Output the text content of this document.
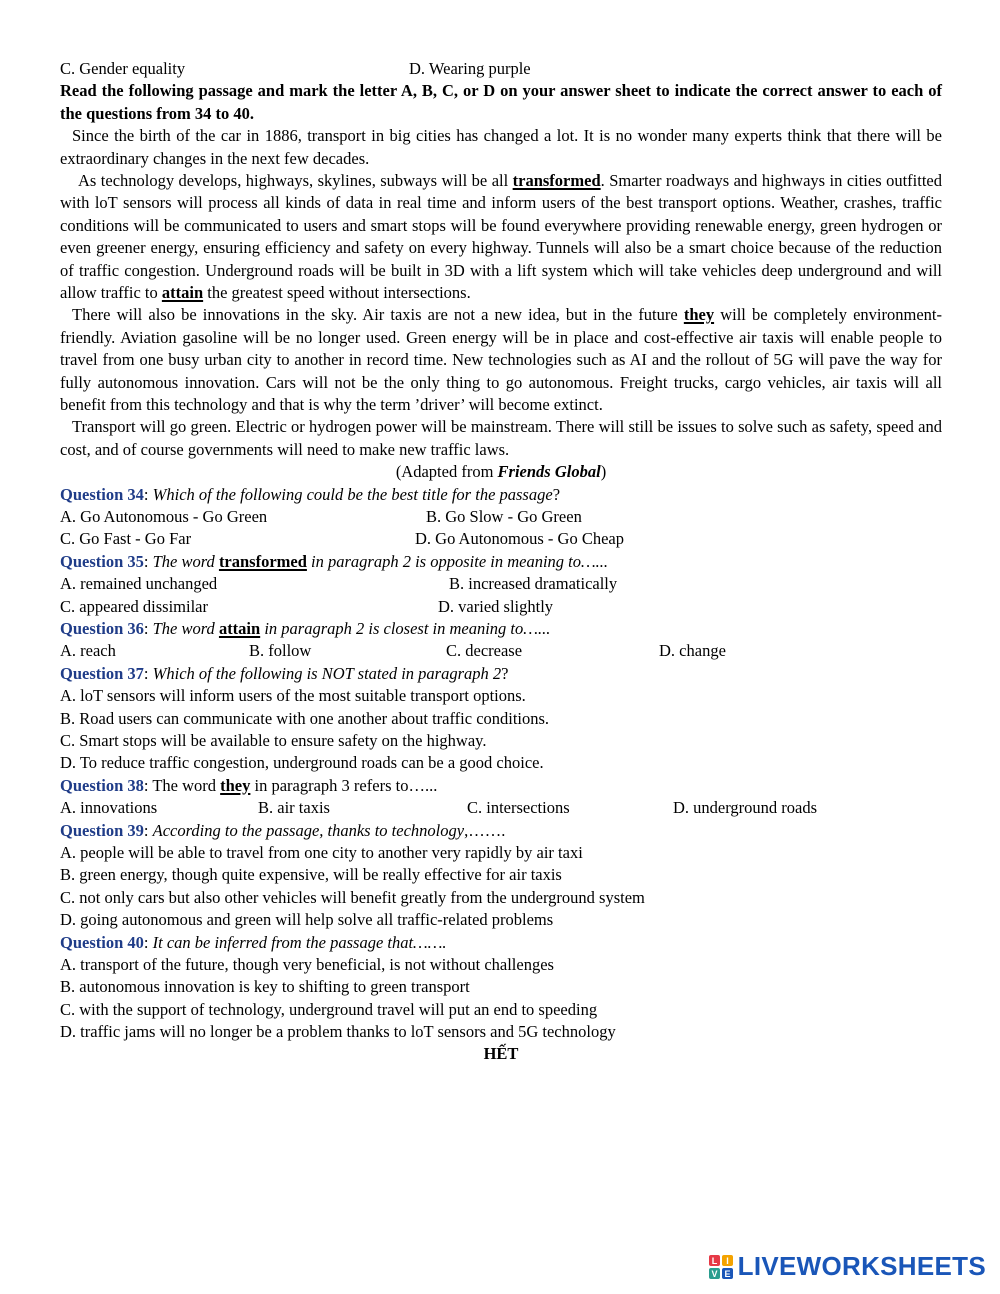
C. Gender equality	D. Wearing purple
Read the following passage and mark the letter A, B, C, or D on your answer sheet to indicate the correct answer to each of the questions from 34 to 40.
Since the birth of the car in 1886, transport in big cities has changed a lot. It is no wonder many experts think that there will be extraordinary changes in the next few decades.
As technology develops, highways, skylines, subways will be all transformed. Smarter roadways and highways in cities outfitted with loT sensors will process all kinds of data in real time and inform users of the best transport options. Weather, crashes, traffic conditions will be communicated to users and smart stops will be found everywhere providing renewable energy, green hydrogen or even greener energy, ensuring efficiency and safety on every highway. Tunnels will also be a smart choice because of the reduction of traffic congestion. Underground roads will be built in 3D with a lift system which will take vehicles deep underground and will allow traffic to attain the greatest speed without intersections.
There will also be innovations in the sky. Air taxis are not a new idea, but in the future they will be completely environment-friendly. Aviation gasoline will be no longer used. Green energy will be in place and cost-effective air taxis will enable people to travel from one busy urban city to another in record time. New technologies such as AI and the rollout of 5G will pave the way for fully autonomous innovation. Cars will not be the only thing to go autonomous. Freight trucks, cargo vehicles, air taxis will all benefit from this technology and that is why the term ’driver’ will become extinct.
Transport will go green. Electric or hydrogen power will be mainstream. There will still be issues to solve such as safety, speed and cost, and of course governments will need to make new traffic laws.
(Adapted from Friends Global)
Question 34: Which of the following could be the best title for the passage?
A. Go Autonomous - Go Green	B. Go Slow - Go Green
C. Go Fast - Go Far	D. Go Autonomous - Go Cheap
Question 35: The word transformed in paragraph 2 is opposite in meaning to…...
A. remained unchanged	B. increased dramatically
C. appeared dissimilar	D. varied slightly
Question 36: The word attain in paragraph 2 is closest in meaning to…...
A. reach	B. follow	C. decrease	D. change
Question 37: Which of the following is NOT stated in paragraph 2?
A. loT sensors will inform users of the most suitable transport options.
B. Road users can communicate with one another about traffic conditions.
C. Smart stops will be available to ensure safety on the highway.
D. To reduce traffic congestion, underground roads can be a good choice.
Question 38: The word they in paragraph 3 refers to…...
A. innovations	B. air taxis	C. intersections	D. underground roads
Question 39: According to the passage, thanks to technology,…….
A. people will be able to travel from one city to another very rapidly by air taxi
B. green energy, though quite expensive, will be really effective for air taxis
C. not only cars but also other vehicles will benefit greatly from the underground system
D. going autonomous and green will help solve all traffic-related problems
Question 40: It can be inferred from the passage that…….
A. transport of the future, though very beneficial, is not without challenges
B. autonomous innovation is key to shifting to green transport
C. with the support of technology, underground travel will put an end to speeding
D. traffic jams will no longer be a problem thanks to loT sensors and 5G technology
HẾT
L I
V E LIVEWORKSHEETS
